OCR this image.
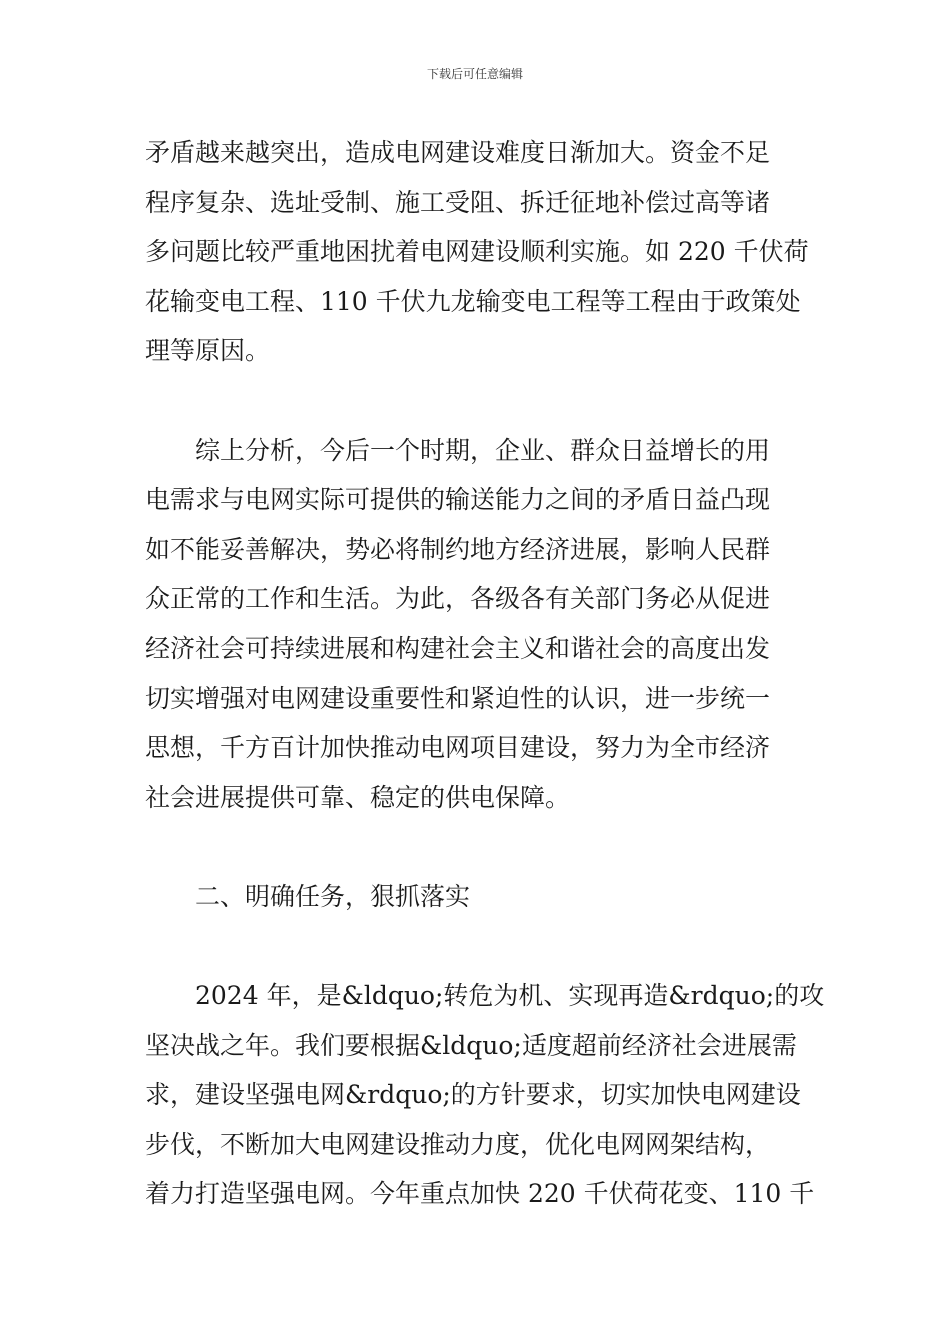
下载后可任意编辑
矛盾越来越突出，造成电网建设难度日渐加大。资金不足
程序复杂、选址受制、施工受阻、拆迁征地补偿过高等诸
多问题比较严重地困扰着电网建设顺利实施。如 220 千伏荷
花输变电工程、110 千伏九龙输变电工程等工程由于政策处
理等原因。
综上分析，今后一个时期，企业、群众日益增长的用
电需求与电网实际可提供的输送能力之间的矛盾日益凸现
如不能妥善解决，势必将制约地方经济进展，影响人民群
众正常的工作和生活。为此，各级各有关部门务必从促进
经济社会可持续进展和构建社会主义和谐社会的高度出发
切实增强对电网建设重要性和紧迫性的认识，进一步统一
思想，千方百计加快推动电网项目建设，努力为全市经济
社会进展提供可靠、稳定的供电保障。
二、明确任务，狠抓落实
2024 年，是&ldquo;转危为机、实现再造&rdquo;的攻
坚决战之年。我们要根据&ldquo;适度超前经济社会进展需
求，建设坚强电网&rdquo;的方针要求，切实加快电网建设
步伐，不断加大电网建设推动力度，优化电网网架结构，
着力打造坚强电网。今年重点加快 220 千伏荷花变、110 千
